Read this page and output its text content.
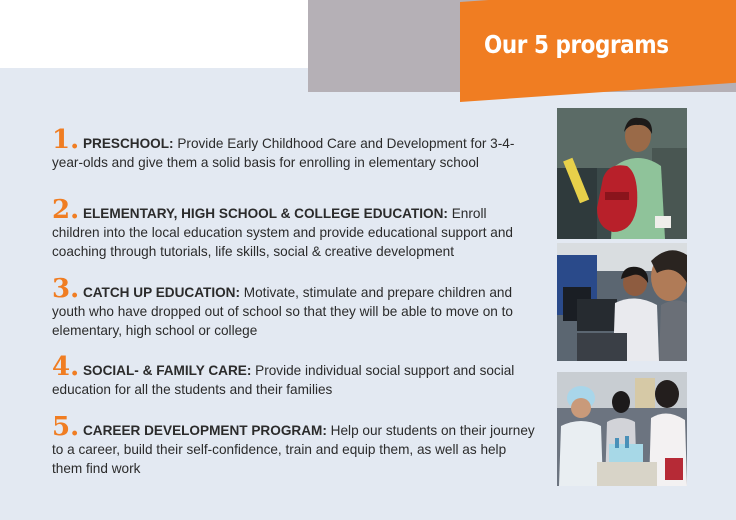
Our 5 programs
1. PRESCHOOL: Provide Early Childhood Care and Development for 3-4-year-olds and give them a solid basis for enrolling in elementary school
2. ELEMENTARY, HIGH SCHOOL & COLLEGE EDUCATION: Enroll children into the local education system and provide educational support and coaching through tutorials, life skills, social & creative development
3. CATCH UP EDUCATION: Motivate, stimulate and prepare children and youth who have dropped out of school so that they will be able to move on to elementary, high school or college
4. SOCIAL- & FAMILY CARE: Provide individual social support and social education for all the students and their families
5. CAREER DEVELOPMENT PROGRAM: Help our students on their journey to a career, build their self-confidence, train and equip them, as well as help them find work
